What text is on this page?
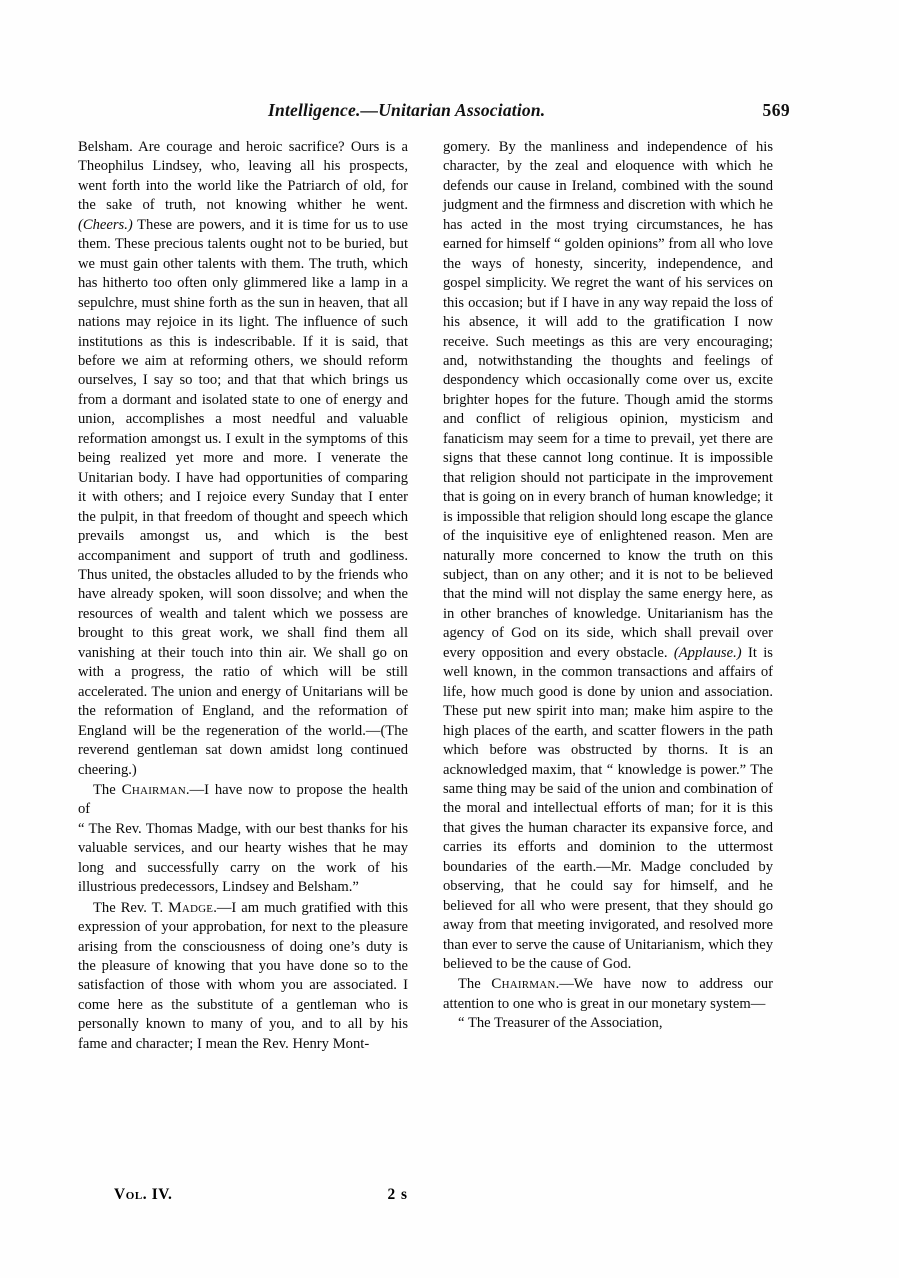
Intelligence.—Unitarian Association.	569

Belsham. Are courage and heroic sacrifice? Ours is a Theophilus Lindsey, who, leaving all his prospects, went forth into the world like the Patriarch of old, for the sake of truth, not knowing whither he went. (Cheers.) These are powers, and it is time for us to use them. These precious talents ought not to be buried, but we must gain other talents with them. The truth, which has hitherto too often only glimmered like a lamp in a sepulchre, must shine forth as the sun in heaven, that all nations may rejoice in its light. The influence of such institutions as this is indescribable. If it is said, that before we aim at reforming others, we should reform ourselves, I say so too; and that that which brings us from a dormant and isolated state to one of energy and union, accomplishes a most needful and valuable reformation amongst us. I exult in the symptoms of this being realized yet more and more. I venerate the Unitarian body. I have had opportunities of comparing it with others; and I rejoice every Sunday that I enter the pulpit, in that freedom of thought and speech which prevails amongst us, and which is the best accompaniment and support of truth and godliness. Thus united, the obstacles alluded to by the friends who have already spoken, will soon dissolve; and when the resources of wealth and talent which we possess are brought to this great work, we shall find them all vanishing at their touch into thin air. We shall go on with a progress, the ratio of which will be still accelerated. The union and energy of Unitarians will be the reformation of England, and the reformation of England will be the regeneration of the world.—(The reverend gentleman sat down amidst long continued cheering.)

The Chairman.—I have now to propose the health of

“ The Rev. Thomas Madge, with our best thanks for his valuable services, and our hearty wishes that he may long and successfully carry on the work of his illustrious predecessors, Lindsey and Belsham.”

The Rev. T. Madge.—I am much gratified with this expression of your approbation, for next to the pleasure arising from the consciousness of doing one’s duty is the pleasure of knowing that you have done so to the satisfaction of those with whom you are associated. I come here as the substitute of a gentleman who is personally known to many of you, and to all by his fame and character; I mean the Rev. Henry Mont-

gomery. By the manliness and independence of his character, by the zeal and eloquence with which he defends our cause in Ireland, combined with the sound judgment and the firmness and discretion with which he has acted in the most trying circumstances, he has earned for himself “ golden opinions” from all who love the ways of honesty, sincerity, independence, and gospel simplicity. We regret the want of his services on this occasion; but if I have in any way repaid the loss of his absence, it will add to the gratification I now receive. Such meetings as this are very encouraging; and, notwithstanding the thoughts and feelings of despondency which occasionally come over us, excite brighter hopes for the future. Though amid the storms and conflict of religious opinion, mysticism and fanaticism may seem for a time to prevail, yet there are signs that these cannot long continue. It is impossible that religion should not participate in the improvement that is going on in every branch of human knowledge; it is impossible that religion should long escape the glance of the inquisitive eye of enlightened reason. Men are naturally more concerned to know the truth on this subject, than on any other; and it is not to be believed that the mind will not display the same energy here, as in other branches of knowledge. Unitarianism has the agency of God on its side, which shall prevail over every opposition and every obstacle. (Applause.) It is well known, in the common transactions and affairs of life, how much good is done by union and association. These put new spirit into man; make him aspire to the high places of the earth, and scatter flowers in the path which before was obstructed by thorns. It is an acknowledged maxim, that “ knowledge is power.” The same thing may be said of the union and combination of the moral and intellectual efforts of man; for it is this that gives the human character its expansive force, and carries its efforts and dominion to the uttermost boundaries of the earth.—Mr. Madge concluded by observing, that he could say for himself, and he believed for all who were present, that they should go away from that meeting invigorated, and resolved more than ever to serve the cause of Unitarianism, which they believed to be the cause of God.

The Chairman.—We have now to address our attention to one who is great in our monetary system—

“ The Treasurer of the Association,

Vol. IV.	2 s
